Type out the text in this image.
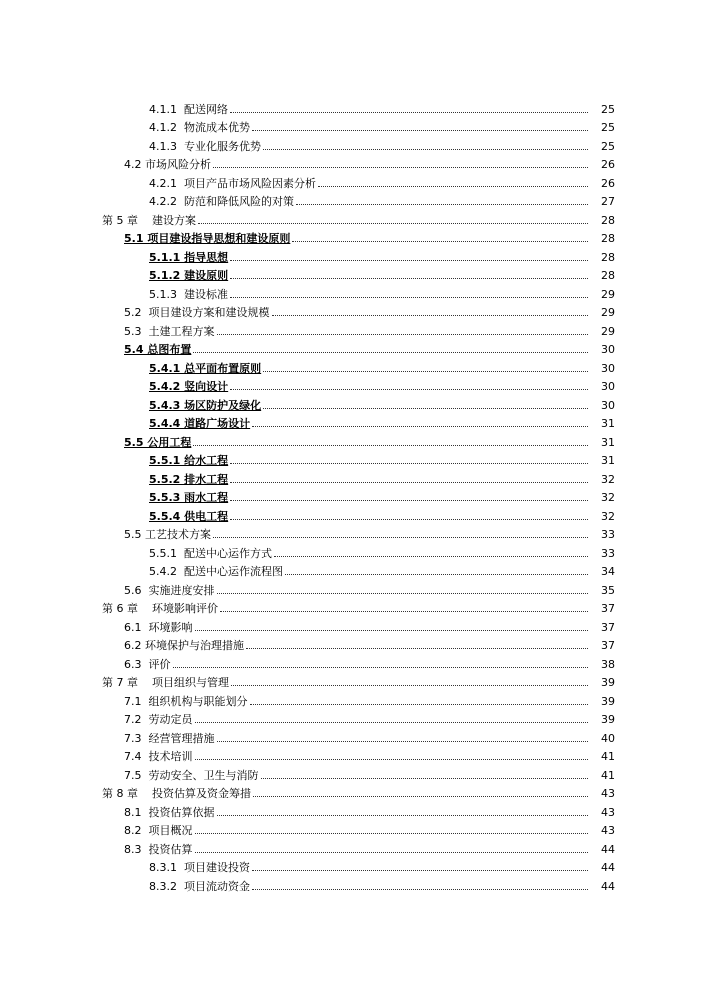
4.1.1  配送网络	25
4.1.2  物流成本优势	25
4.1.3  专业化服务优势	25
4.2 市场风险分析	26
4.2.1  项目产品市场风险因素分析	26
4.2.2  防范和降低风险的对策	27
第 5 章    建设方案	28
5.1 项目建设指导思想和建设原则	28
5.1.1 指导思想	28
5.1.2 建设原则	28
5.1.3  建设标准	29
5.2  项目建设方案和建设规模	29
5.3  土建工程方案	29
5.4 总图布置	30
5.4.1 总平面布置原则	30
5.4.2 竖向设计	30
5.4.3 场区防护及绿化	30
5.4.4 道路广场设计	31
5.5 公用工程	31
5.5.1 给水工程	31
5.5.2 排水工程	32
5.5.3 雨水工程	32
5.5.4 供电工程	32
5.5 工艺技术方案	33
5.5.1  配送中心运作方式	33
5.4.2  配送中心运作流程图	34
5.6  实施进度安排	35
第 6 章    环境影响评价	37
6.1  环境影响	37
6.2 环境保护与治理措施	37
6.3  评价	38
第 7 章    项目组织与管理	39
7.1  组织机构与职能划分	39
7.2  劳动定员	39
7.3  经营管理措施	40
7.4  技术培训	41
7.5  劳动安全、卫生与消防	41
第 8 章    投资估算及资金筹措	43
8.1  投资估算依据	43
8.2  项目概况	43
8.3  投资估算	44
8.3.1  项目建设投资	44
8.3.2  项目流动资金	44
